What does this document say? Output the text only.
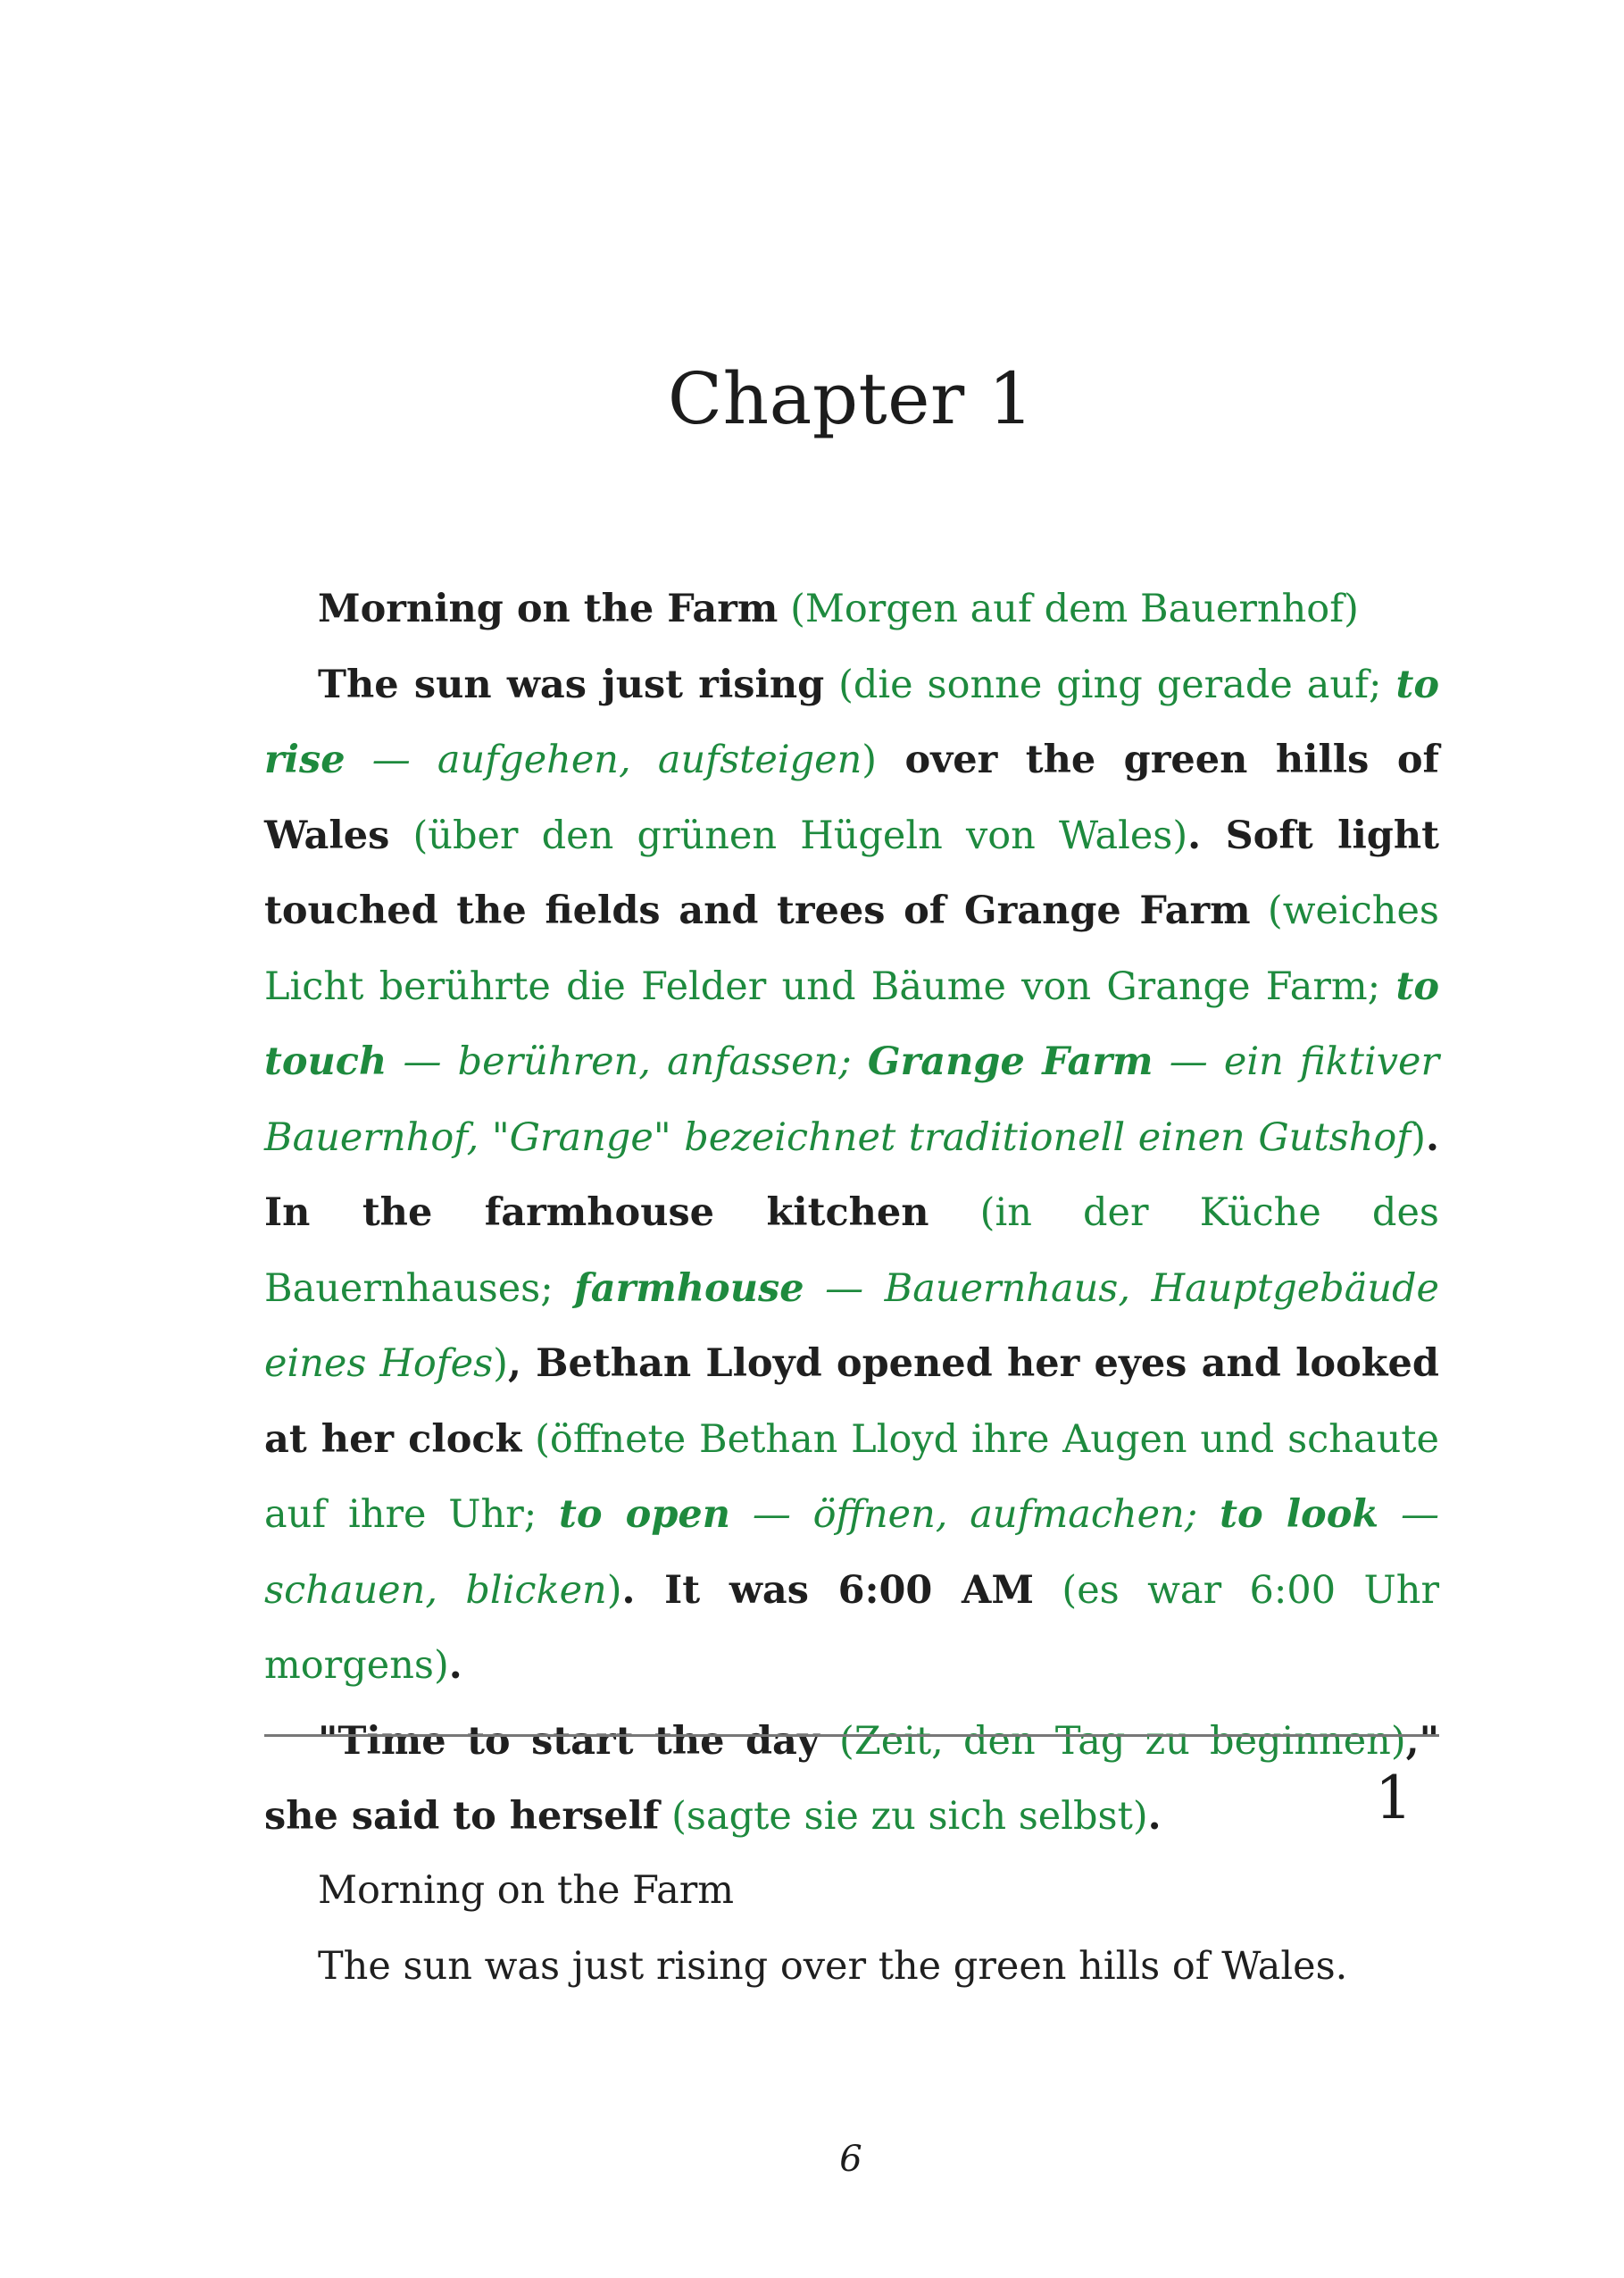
Chapter 1

Morning on the Farm (Morgen auf dem Bauernhof)

The sun was just rising (die sonne ging gerade auf; to rise — aufgehen, aufsteigen) over the green hills of Wales (über den grünen Hügeln von Wales). Soft light touched the fields and trees of Grange Farm (weiches Licht berührte die Felder und Bäume von Grange Farm; to touch — berühren, anfassen; Grange Farm — ein fiktiver Bauernhof, "Grange" bezeichnet traditionell einen Gutshof). In the farmhouse kitchen (in der Küche des Bauernhauses; farmhouse — Bauernhaus, Hauptgebäude eines Hofes), Bethan Lloyd opened her eyes and looked at her clock (öffnete Bethan Lloyd ihre Augen und schaute auf ihre Uhr; to open — öffnen, aufmachen; to look — schauen, blicken). It was 6:00 AM (es war 6:00 Uhr morgens).

"Time to start the day (Zeit, den Tag zu beginnen)," she said to herself (sagte sie zu sich selbst).	1

Morning on the Farm

The sun was just rising over the green hills of Wales.

6
